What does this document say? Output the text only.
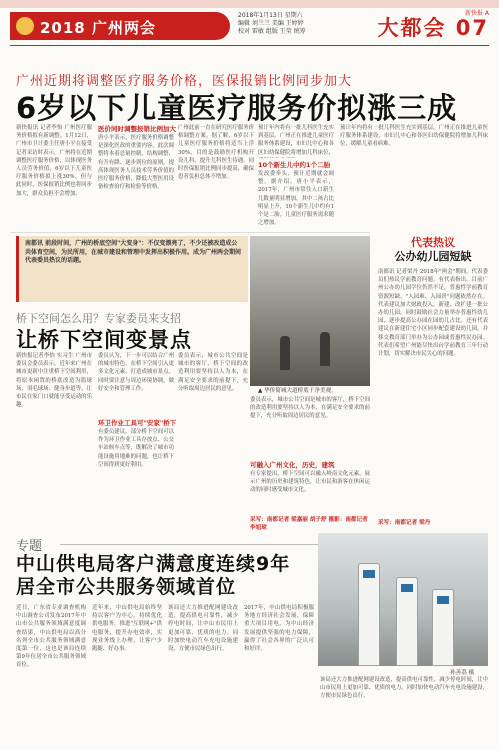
2018 广州两会
2018年1月13日 星期六
编辑 刘兰兰 美编 王婷婷
校对 雷敏 组版 王莹 统筹
新快报 A
大都会 07
广州近期将调整医疗服务价格，医保报销比例同步加大
6岁以下儿童医疗服务价拟涨三成
新快报讯 记者李怡 广州医疗服务价格拟有新调整。1月12日，广州市卫计委主任唐小平在接受记者采访时表示，广州将在近期调整医疗服务价格，以体现医务人员劳务价值，6岁以下儿童医疗服务价格拟上涨30%，但与此同时，医保报销比例也将同步加大，群众负担不会增加。
医价同时调整报销比例加大
唐小平表示，医疗服务价格调整是深化医改的重要内容。此次调整将本着总量控制、结构调整、有升有降、逐步到位的原则，提高体现医务人员技术劳务价值的医疗服务价格，降低大型医用设备检查治疗和检验等价格。
广州此前一直在研究医疗服务价格调整方案。据了解，6岁以下儿童医疗服务价格将适当上浮30%，目的是鼓励医疗机构开设儿科、提升儿科医生待遇。同时医保报销比例同步提高，确保患者负担总体不增加。
10个新生儿中约1个二胎
预计年内将有一批儿科医生充实到基层。广州正在推进儿童医疗服务体系建设，市妇儿中心和各区妇幼保健院将增加儿科床位，
发改委牵头，预计近期就会调整。据介绍，唐小平表示，2017年，广州市常住人口新生儿数量明显增加，其中二孩占比明显上升，10个新生儿中约有1个是二胎。儿童医疗服务需求随之增加。
预计年内将有一批儿科医生充实到基层。广州正在推进儿童医疗服务体系建设，市妇儿中心和各区妇幼保健院将增加儿科床位，缓解儿童看病难。
南都讯 前段时间，广州的桥底空间"大变身"：不仅变漂亮了，不少还被改造成公共体育空间，为民所用，在城市建设和管理中发挥出积极作用。成为广州两会期间代表委员热议的话题。
桥下空间怎么用？专家委员来支招
让桥下空间变景点
新快报记者李怡 实习生 广州市委员会委员表示，近年来广州在城市更新中注重桥下空间利用，将原本闲置的桥底改造为篮球场、羽毛球场、健身步道等，让市民在家门口就能享受运动的乐趣。
委员认为，下一步可以结合广州的城市特色，在桥下空间引入更多文化元素，打造成城市景点。同时要注意与周边环境协调，做好安全和管理工作。
环卫作业工具可"安家"桥下
有委员建议，部分桥下空间可以作为环卫作业工具存放点、公交车站候车点等，既解决了城市功能设施用地难的问题，也让桥下空间得到更好利用。
委员表示，城市公共空间是城市的客厅，桥下空间的改造利用要坚持以人为本，在满足安全要求的前提下，充分听取周边居民的意见。	▲ 华侨简城大道桥底千净美观。
委员表示，城市公共空间是城市的客厅，桥下空间的改造利用要坚持以人为本，在满足安全要求的前提下，充分听取周边居民的意见。
可融入广州文化，历史，建筑
有专家提出，桥下空间可以融入岭南文化元素，展示广州的历史和建筑特色，让市民和游客在休闲运动的同时感受城市文化。
采写：南都记者 梁嘉丽 胡子舒 摄影：南都记者 李旭琼
代表热议
公办幼儿园短缺
南都讯 记者梁丹 2018年"两会"期间，代表委员们热议学前教育问题。有代表指出，目前广州公办幼儿园学位仍然不足，普惠性学前教育资源短缺，"入园难、入园贵"问题依然存在。代表建议加大财政投入，新建、改扩建一批公办幼儿园，同时鼓励社会力量举办普惠性幼儿园，逐步提高公办园在园幼儿占比。还有代表建议在新建住宅小区同步配套建设幼儿园，并移交教育部门举办为公办园或普惠性民办园。代表们希望广州能尽快出台学前教育三年行动计划，切实解决市民关心的问题。
采写：南都记者 梁丹
专题
中山供电局客户满意度连续9年
居全市公共服务领域首位
近日，广东省专业调查机构中山调查公司发布2017年中山市公共服务领域满意度调查结果，中山供电局以高分名列全市公共服务领域满意度第一位，这也是该局连续第9年位居全市公共服务领域首位。
近年来，中山供电局始终坚持以客户为中心，持续优化供电服务，推进"互联网+"供电服务，提升办电效率，实现业务线上办理，让客户少跑腿、好办事。
该局还大力推进配网建设改造，提高供电可靠性，减少停电时间，让中山市民用上更加可靠、优质的电力。同时加快电动汽车充电设施建设，方便市民绿色出行。
2017年，中山供电局积极服务地方经济社会发展，保障重大项目用电，为中山经济发展提供坚强的电力保障，赢得了社会各界的广泛认可和好评。
孙善荔 摄
该局还大力推进配网建设改造，提高供电可靠性，减少停电时间，让中山市民用上更加可靠、优质的电力。同时加快电动汽车充电设施建设，方便市民绿色出行。
